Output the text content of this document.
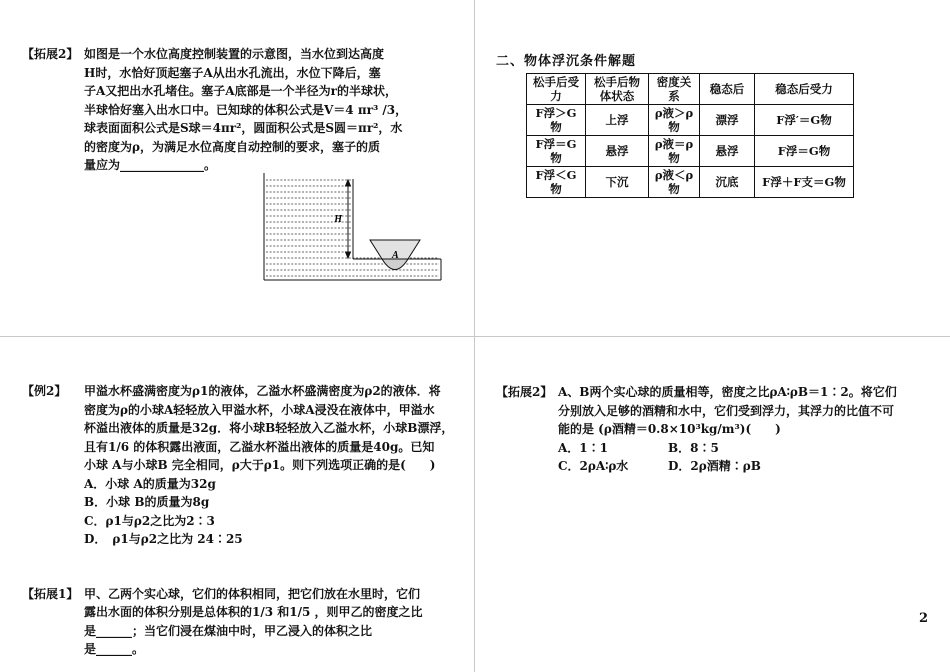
【拓展2】 如图是一个水位高度控制装置的示意图，当水位到达高度
H时，水恰好顶起塞子A从出水孔流出，水位下降后，塞
子A又把出水孔堵住。塞子A底部是一个半径为r的半球状，
半球恰好塞入出水口中。已知球的体积公式是V＝4 πr³ /3，
球表面面积公式是S球＝4πr²，圆面积公式是S圆＝πr²，水
的密度为ρ，为满足水位高度自动控制的要求，塞子的质
量应为______________。
H
A
二、物体浮沉条件解题
松手后受力	松手后物体状态	密度关系	稳态后	稳态后受力
F浮＞G物	上浮	ρ液＞ρ物	漂浮	F浮′＝G物
F浮＝G物	悬浮	ρ液＝ρ物	悬浮	F浮＝G物
F浮＜G物	下沉	ρ液＜ρ物	沉底	F浮＋F支＝G物
【例2】 甲溢水杯盛满密度为ρ1的液体，乙溢水杯盛满密度为ρ2的液体．将
密度为ρ的小球A轻轻放入甲溢水杯，小球A浸没在液体中，甲溢水
杯溢出液体的质量是32g．将小球B轻轻放入乙溢水杯，小球B漂浮，
且有1/6 的体积露出液面，乙溢水杯溢出液体的质量是40g。已知
小球 A与小球B 完全相同，ρ大于ρ1。则下列选项正确的是(　　)
A．小球 A的质量为32g
B．小球 B的质量为8g
C．ρ1与ρ2之比为2∶3
D．　ρ1与ρ2之比为 24∶25
【拓展1】 甲、乙两个实心球，它们的体积相同，把它们放在水里时，它们
露出水面的体积分别是总体积的1/3 和1/5 ，则甲乙的密度之比
是______；当它们浸在煤油中时，甲乙浸入的体积之比
是______。
【拓展2】 A、B两个实心球的质量相等，密度之比ρA∶ρB＝1∶2。将它们
分别放入足够的酒精和水中，它们受到浮力，其浮力的比值不可
能的是 (ρ酒精＝0.8×10³kg/m³)(　　)
A．1∶1	B．8∶5
C．2ρA∶ρ水	D．2ρ酒精∶ρB
2
